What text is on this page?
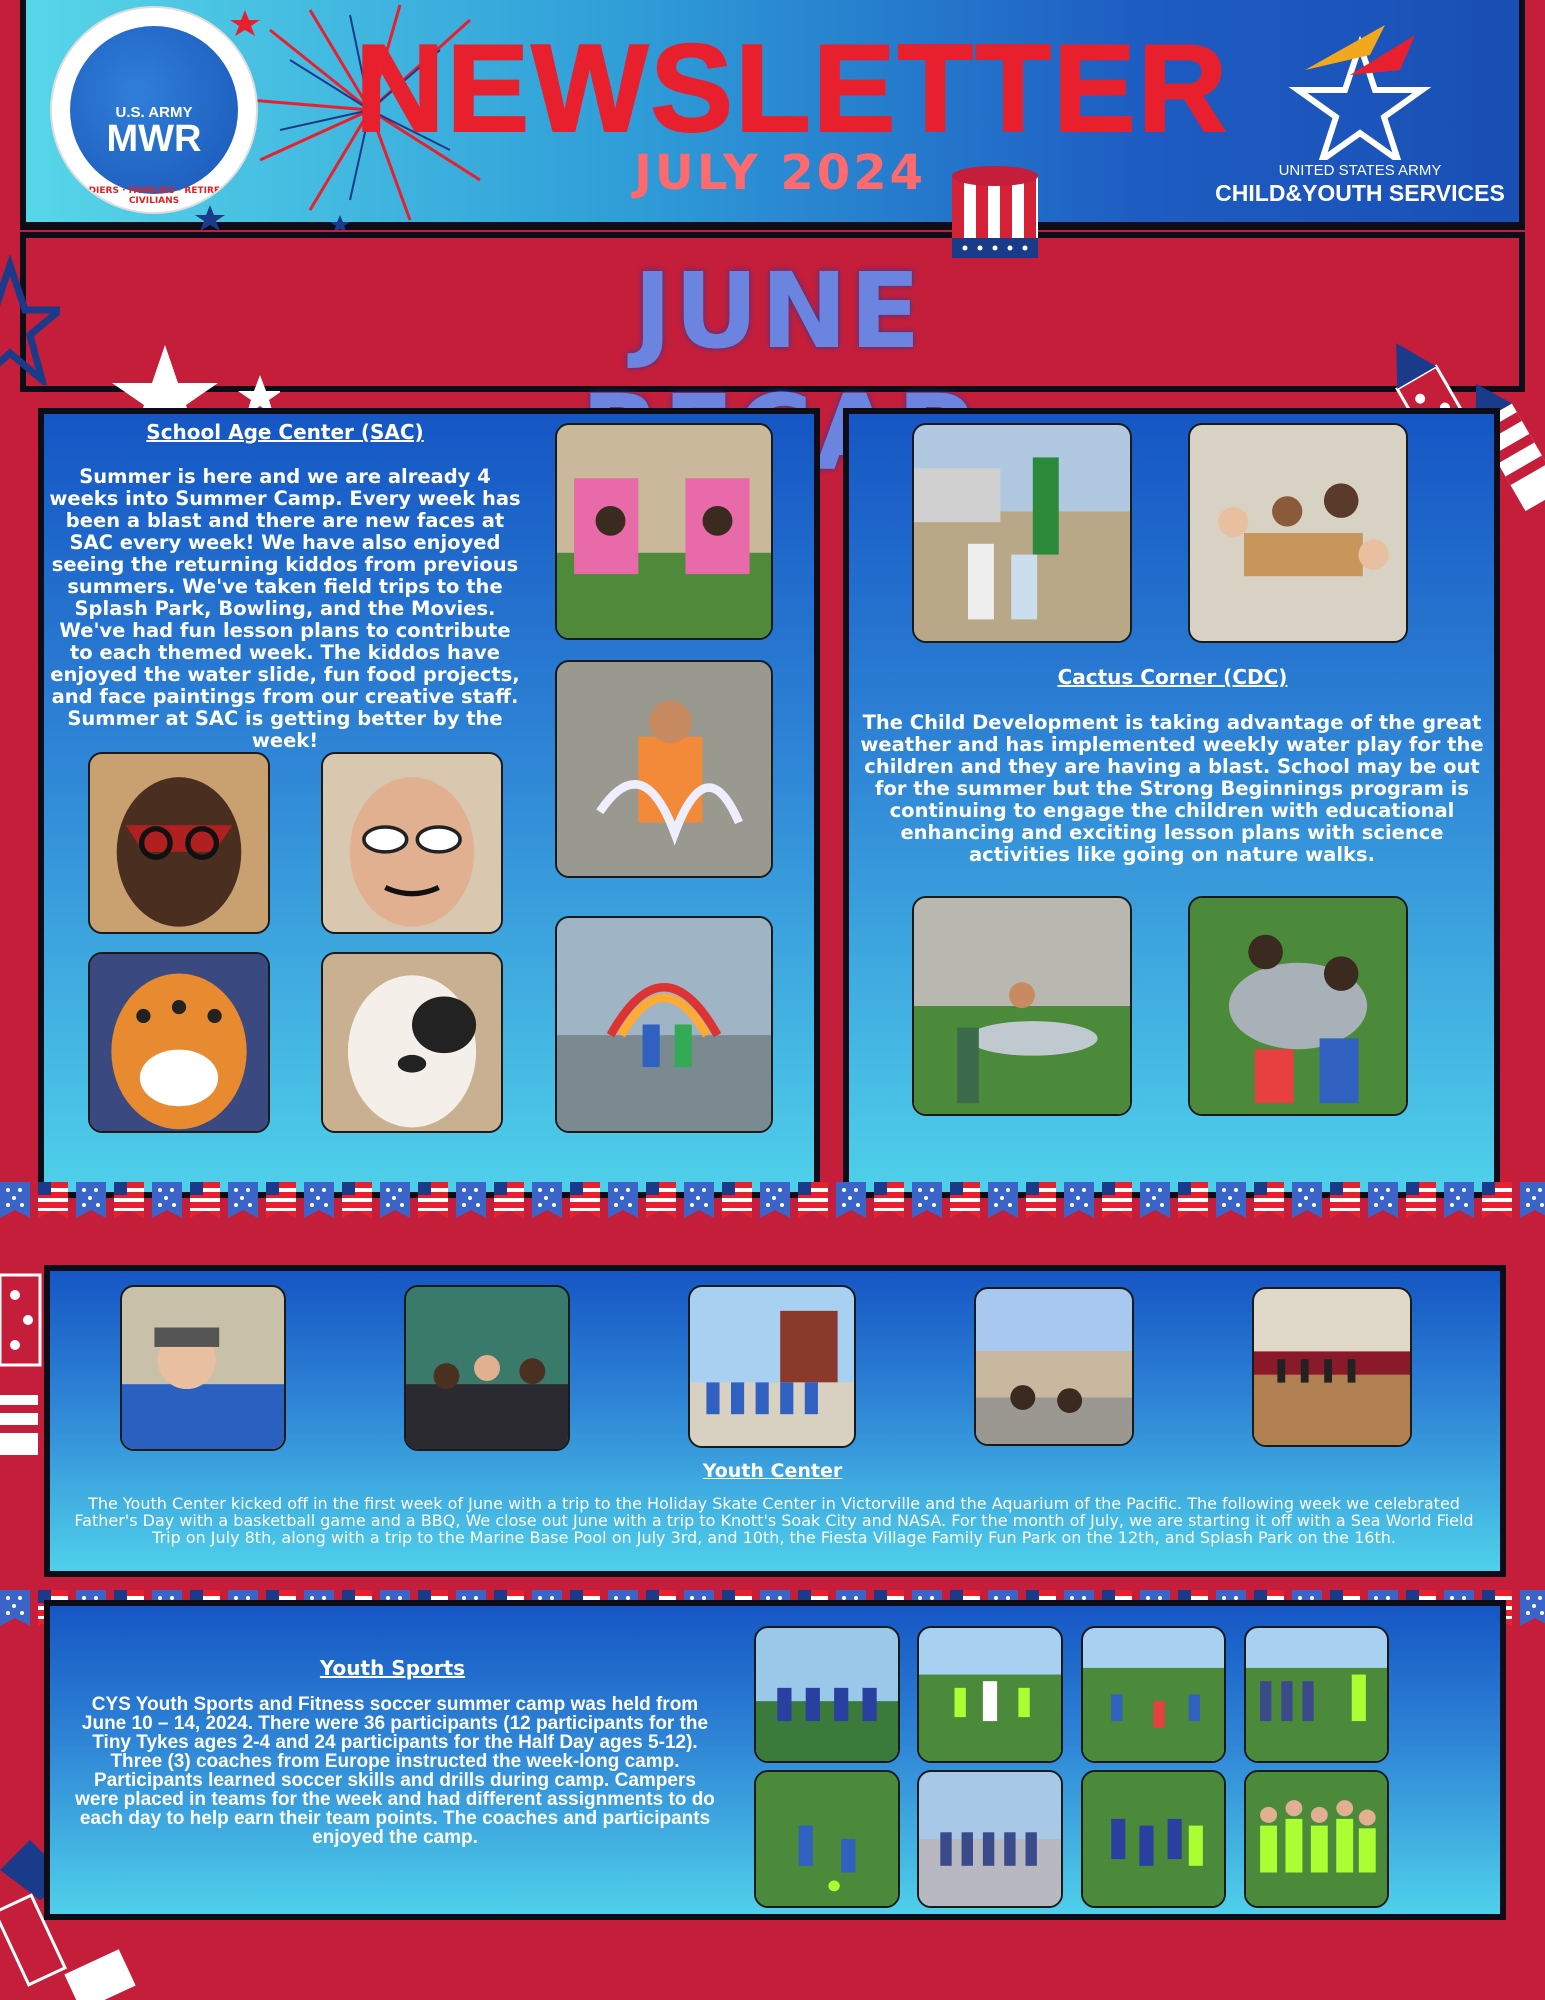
U.S. ARMY
MWR
SOLDIERS · FAMILIES · RETIREES · CIVILIANS
NEWSLETTER
JULY 2024	UNITED STATES ARMY
CHILD&YOUTH SERVICES
JUNE
School Age Center (SAC)
Summer is here and we are already 4 weeks into Summer Camp. Every week has been a blast and there are new faces at SAC every week! We have also enjoyed seeing the returning kiddos from previous summers. We've taken field trips to the Splash Park, Bowling, and the Movies. We've had fun lesson plans to contribute to each themed week. The kiddos have enjoyed the water slide, fun food projects, and face paintings from our creative staff. Summer at SAC is getting better by the week!
Cactus Corner (CDC)
The Child Development is taking advantage of the great weather and has implemented weekly water play for the children and they are having a blast. School may be out for the summer but the Strong Beginnings program is continuing to engage the children with educational enhancing and exciting lesson plans with science activities like going on nature walks.
Youth Center
The Youth Center kicked off in the first week of June with a trip to the Holiday Skate Center in Victorville and the Aquarium of the Pacific. The following week we celebrated Father's Day with a basketball game and a BBQ, We close out June with a trip to Knott's Soak City and NASA. For the month of July, we are starting it off with a Sea World Field Trip on July 8th, along with a trip to the Marine Base Pool on July 3rd, and 10th, the Fiesta Village Family Fun Park on the 12th, and Splash Park on the 16th.
Youth Sports
CYS Youth Sports and Fitness soccer summer camp was held from June 10 – 14, 2024. There were 36 participants (12 participants for the Tiny Tykes ages 2-4 and 24 participants for the Half Day ages 5-12). Three (3) coaches from Europe instructed the week-long camp. Participants learned soccer skills and drills during camp. Campers were placed in teams for the week and had different assignments to do each day to help earn their team points. The coaches and participants enjoyed the camp.
